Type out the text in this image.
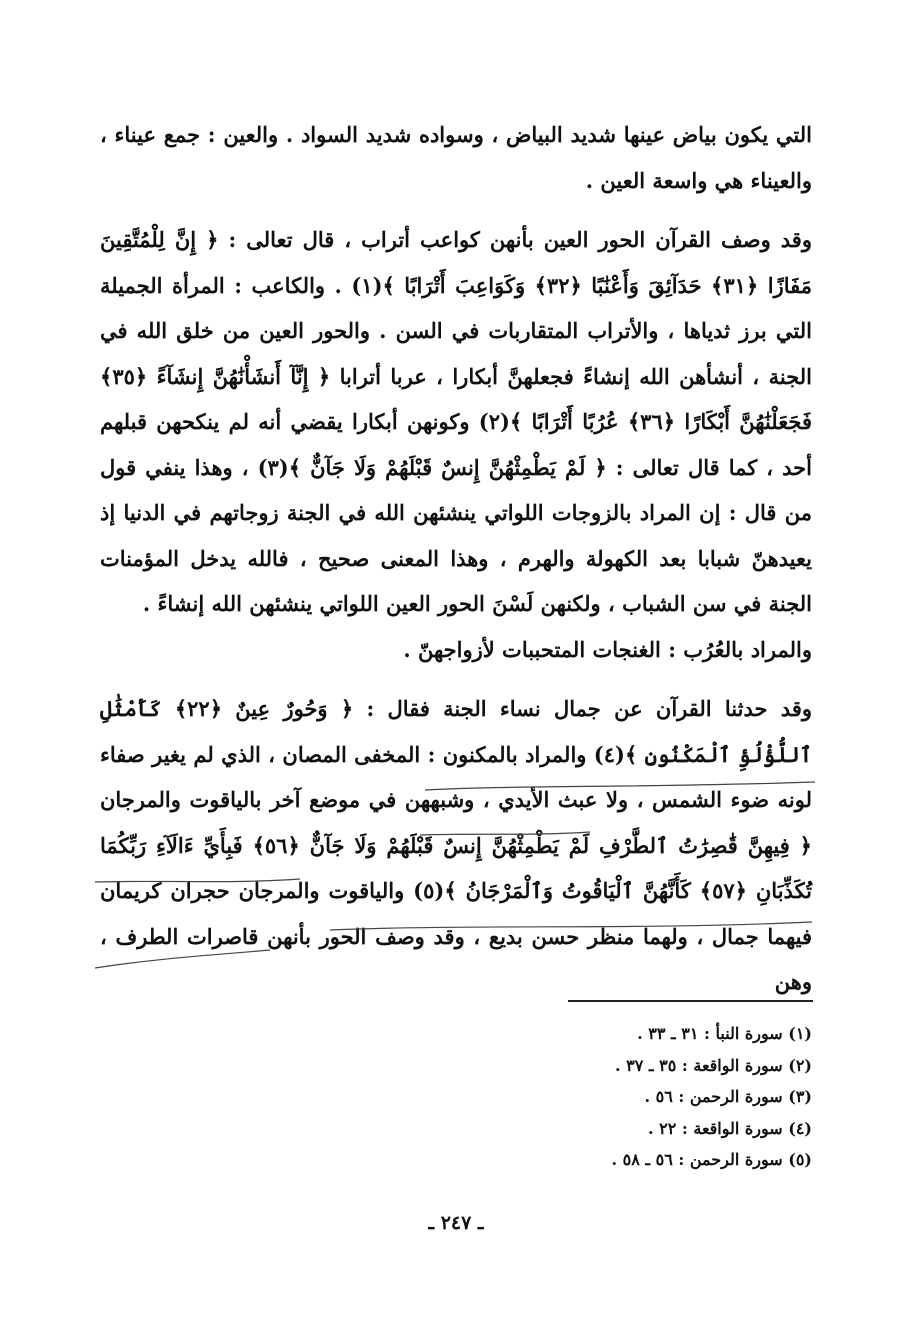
التي يكون بياض عينها شديد البياض ، وسواده شديد السواد . والعين : جمع عيناء ، والعيناء هي واسعة العين .

وقد وصف القرآن الحور العين بأنهن كواعب أتراب ، قال تعالى : ﴿ إِنَّ لِلْمُتَّقِينَ مَفَازًا ﴿٣١﴾ حَدَآئِقَ وَأَعْنَٰبًا ﴿٣٢﴾ وَكَوَاعِبَ أَتْرَابًا ﴾(١) . والكاعب : المرأة الجميلة التي برز ثدياها ، والأتراب المتقاربات في السن . والحور العين من خلق الله في الجنة ، أنشأهن الله إنشاءً فجعلهنَّ أبكارا ، عربا أترابا ﴿ إِنَّآ أَنشَأْنَٰهُنَّ إِنشَآءً ﴿٣٥﴾ فَجَعَلْنَٰهُنَّ أَبْكَارًا ﴿٣٦﴾ عُرُبًا أَتْرَابًا ﴾(٢) وكونهن أبكارا يقضي أنه لم ينكحهن قبلهم أحد ، كما قال تعالى : ﴿ لَمْ يَطْمِثْهُنَّ إِنسٌ قَبْلَهُمْ وَلَا جَآنٌّ ﴾(٣) ، وهذا ينفي قول من قال : إن المراد بالزوجات اللواتي ينشئهن الله في الجنة زوجاتهم في الدنيا إذ يعيدهنّ شبابا بعد الكهولة والهرم ، وهذا المعنى صحيح ، فالله يدخل المؤمنات الجنة في سن الشباب ، ولكنهن لَسْنَ الحور العين اللواتي ينشئهن الله إنشاءً .

والمراد بالعُرُب : الغنجات المتحببات لأزواجهنّ .

وقد حدثنا القرآن عن جمال نساء الجنة فقال : ﴿ وَحُورٌ عِينٌ ﴿٢٢﴾ كَأَمْثَٰلِ ٱللُّؤْلُؤِ ٱلْمَكْنُونِ ﴾(٤) والمراد بالمكنون : المخفى المصان ، الذي لم يغير صفاء لونه ضوء الشمس ، ولا عبث الأيدي ، وشبههن في موضع آخر بالياقوت والمرجان ﴿ فِيهِنَّ قَٰصِرَٰتُ ٱلطَّرْفِ لَمْ يَطْمِثْهُنَّ إِنسٌ قَبْلَهُمْ وَلَا جَآنٌّ ﴿٥٦﴾ فَبِأَيِّ ءَالَآءِ رَبِّكُمَا تُكَذِّبَانِ ﴿٥٧﴾ كَأَنَّهُنَّ ٱلْيَاقُوتُ وَٱلْمَرْجَانُ ﴾(٥) والياقوت والمرجان حجران كريمان فيهما جمال ، ولهما منظر حسن بديع ، وقد وصف الحور بأنهن قاصرات الطرف ، وهن

(١) سورة النبأ : ٣١ ـ ٣٣ .
(٢) سورة الواقعة : ٣٥ ـ ٣٧ .
(٣) سورة الرحمن : ٥٦ .
(٤) سورة الواقعة : ٢٢ .
(٥) سورة الرحمن : ٥٦ ـ ٥٨ .
ـ ٢٤٧ ـ
